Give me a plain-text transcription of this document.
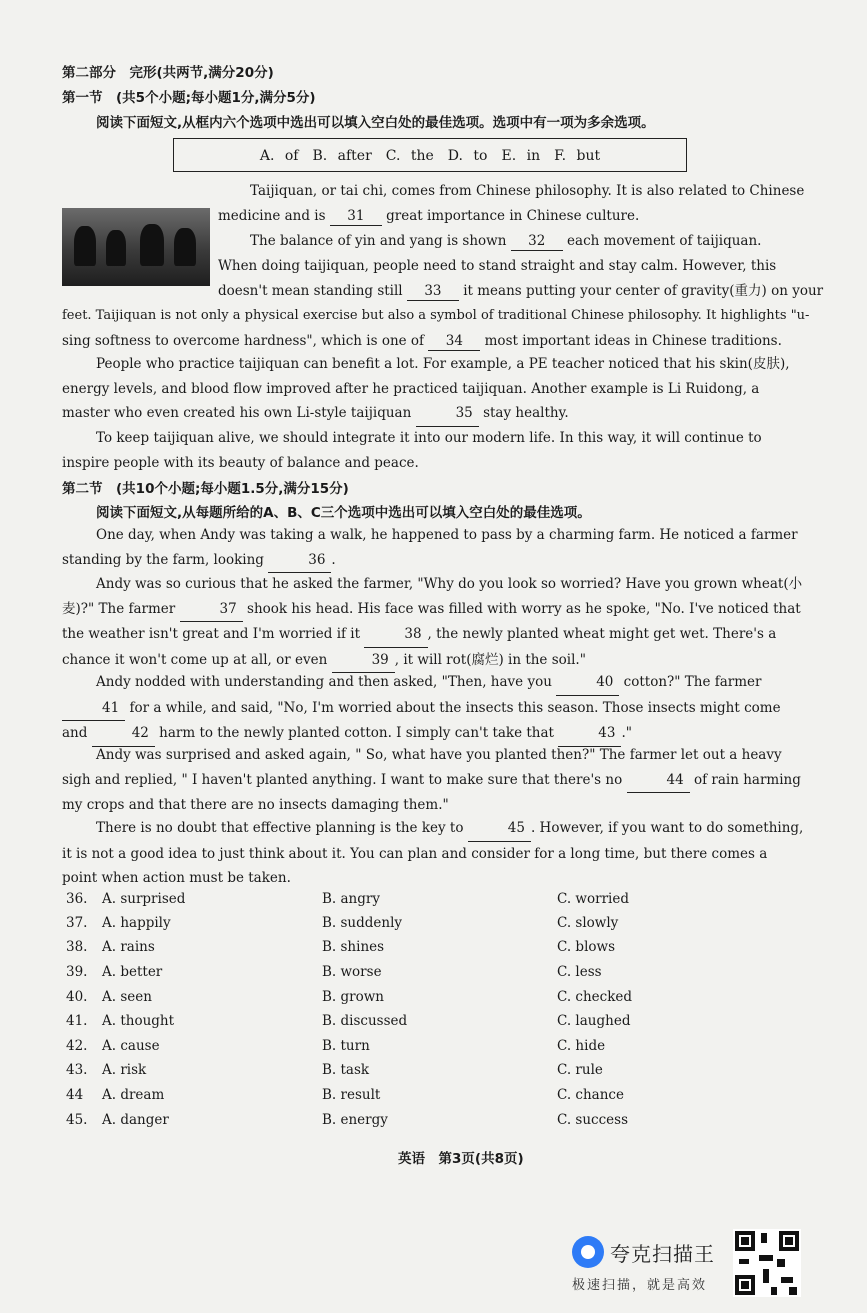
第二部分　完形(共两节,满分20分)
第一节　(共5个小题;每小题1分,满分5分)
阅读下面短文,从框内六个选项中选出可以填入空白处的最佳选项。选项中有一项为多余选项。
A. of　B. after　C. the　D. to　E. in　F. but
Taijiquan, or tai chi, comes from Chinese philosophy. It is also related to Chinese
medicine and is 31 great importance in Chinese culture.
The balance of yin and yang is shown 32 each movement of taijiquan.
When doing taijiquan, people need to stand straight and stay calm. However, this
doesn't mean standing still 33 it means putting your center of gravity(重力) on your
feet. Taijiquan is not only a physical exercise but also a symbol of traditional Chinese philosophy. It highlights "u-
sing softness to overcome hardness", which is one of 34 most important ideas in Chinese traditions.
People who practice taijiquan can benefit a lot. For example, a PE teacher noticed that his skin(皮肤), energy levels, and blood flow improved after he practiced taijiquan. Another example is Li Ruidong, a master who even created his own Li-style taijiquan	35 stay healthy.
To keep taijiquan alive, we should integrate it into our modern life. In this way, it will continue to inspire people with its beauty of balance and peace.
第二节　(共10个小题;每小题1.5分,满分15分)
阅读下面短文,从每题所给的A、B、C三个选项中选出可以填入空白处的最佳选项。
One day, when Andy was taking a walk, he happened to pass by a charming farm. He noticed a farmer standing by the farm, looking	36 .
Andy was so curious that he asked the farmer, "Why do you look so worried? Have you grown wheat(小麦)?" The farmer	37 shook his head. His face was filled with worry as he spoke, "No. I've noticed that the weather isn't great and I'm worried if it	38 , the newly planted wheat might get wet. There's a chance it won't come up at all, or even	39 , it will rot(腐烂) in the soil."
Andy nodded with understanding and then asked, "Then, have you	40 cotton?" The farmer 41 for a while, and said, "No, I'm worried about the insects this season. Those insects might come and	42 harm to the newly planted cotton. I simply can't take that	43 ."
Andy was surprised and asked again, " So, what have you planted then?" The farmer let out a heavy sigh and replied, " I haven't planted anything. I want to make sure that there's no	44 of rain harming my crops and that there are no insects damaging them."
There is no doubt that effective planning is the key to	45 . However, if you want to do something, it is not a good idea to just think about it. You can plan and consider for a long time, but there comes a point when action must be taken.
36. A. surprised	B. angry	C. worried
37. A. happily	B. suddenly	C. slowly
38. A. rains	B. shines	C. blows
39. A. better	B. worse	C. less
40. A. seen	B. grown	C. checked
41. A. thought	B. discussed	C. laughed
42. A. cause	B. turn	C. hide
43. A. risk	B. task	C. rule
44 A. dream	B. result	C. chance
45. A. danger	B. energy	C. success
英语　第3页(共8页)
夸克扫描王
极速扫描，就是高效
